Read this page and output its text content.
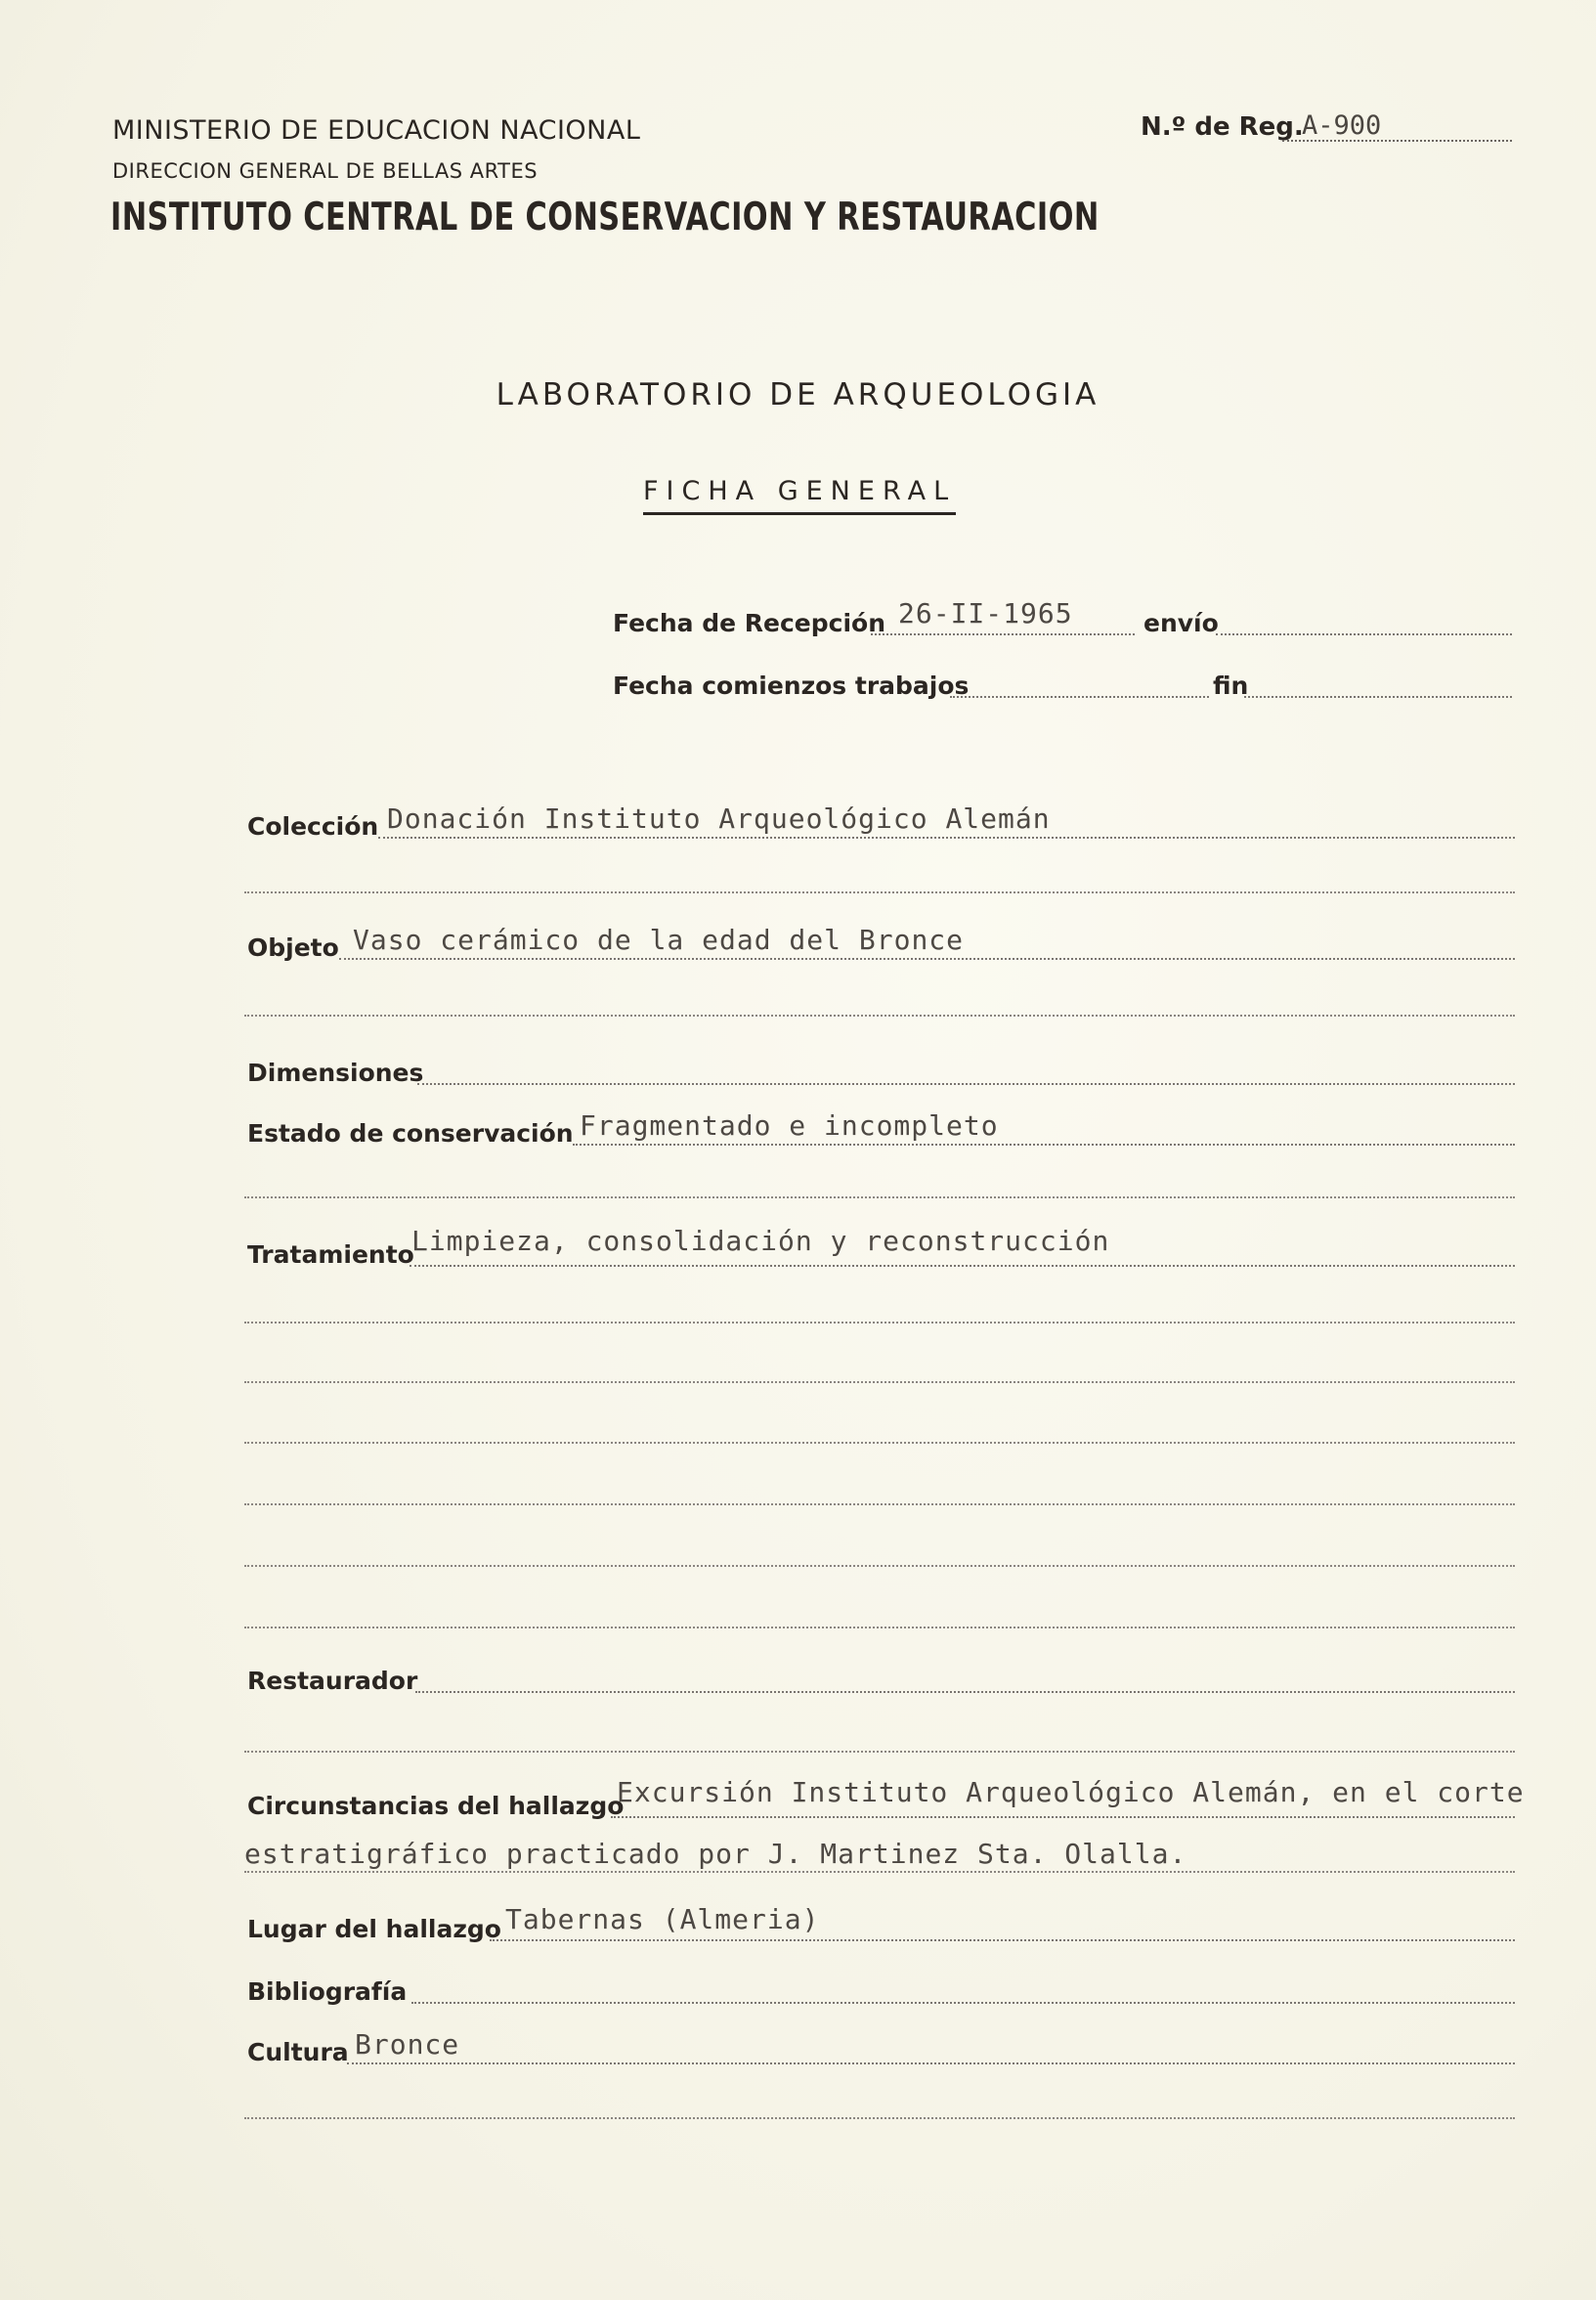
MINISTERIO DE EDUCACION NACIONAL
DIRECCION GENERAL DE BELLAS ARTES
INSTITUTO CENTRAL DE CONSERVACION Y RESTAURACION
N.º de Reg.
A-900
LABORATORIO DE ARQUEOLOGIA
FICHA GENERAL
Fecha de Recepción 26-II-1965	envío
Fecha comienzos trabajos	fin
Colección Donación Instituto Arqueológico Alemán
Objeto Vaso cerámico de la edad del Bronce
Dimensiones
Estado de conservación Fragmentado e incompleto
Tratamiento
Limpieza, consolidación y reconstrucción
Restaurador
Circunstancias del hallazgo
Excursión Instituto Arqueológico Alemán, en el corte
estratigráfico practicado por J. Martinez Sta. Olalla.
Lugar del hallazgo Tabernas (Almeria)
Bibliografía
Cultura Bronce
